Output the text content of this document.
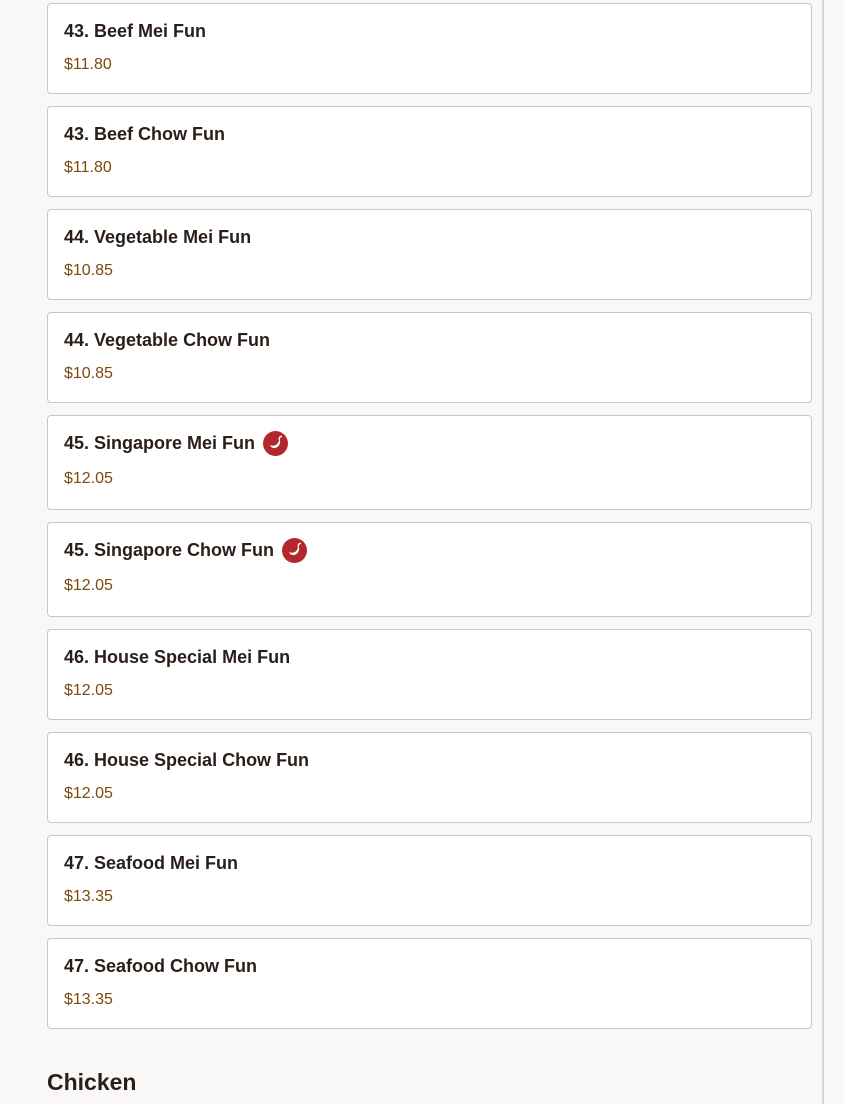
43. Beef Mei Fun
$11.80
43. Beef Chow Fun
$11.80
44. Vegetable Mei Fun
$10.85
44. Vegetable Chow Fun
$10.85
45. Singapore Mei Fun
$12.05
45. Singapore Chow Fun
$12.05
46. House Special Mei Fun
$12.05
46. House Special Chow Fun
$12.05
47. Seafood Mei Fun
$13.35
47. Seafood Chow Fun
$13.35
Chicken
